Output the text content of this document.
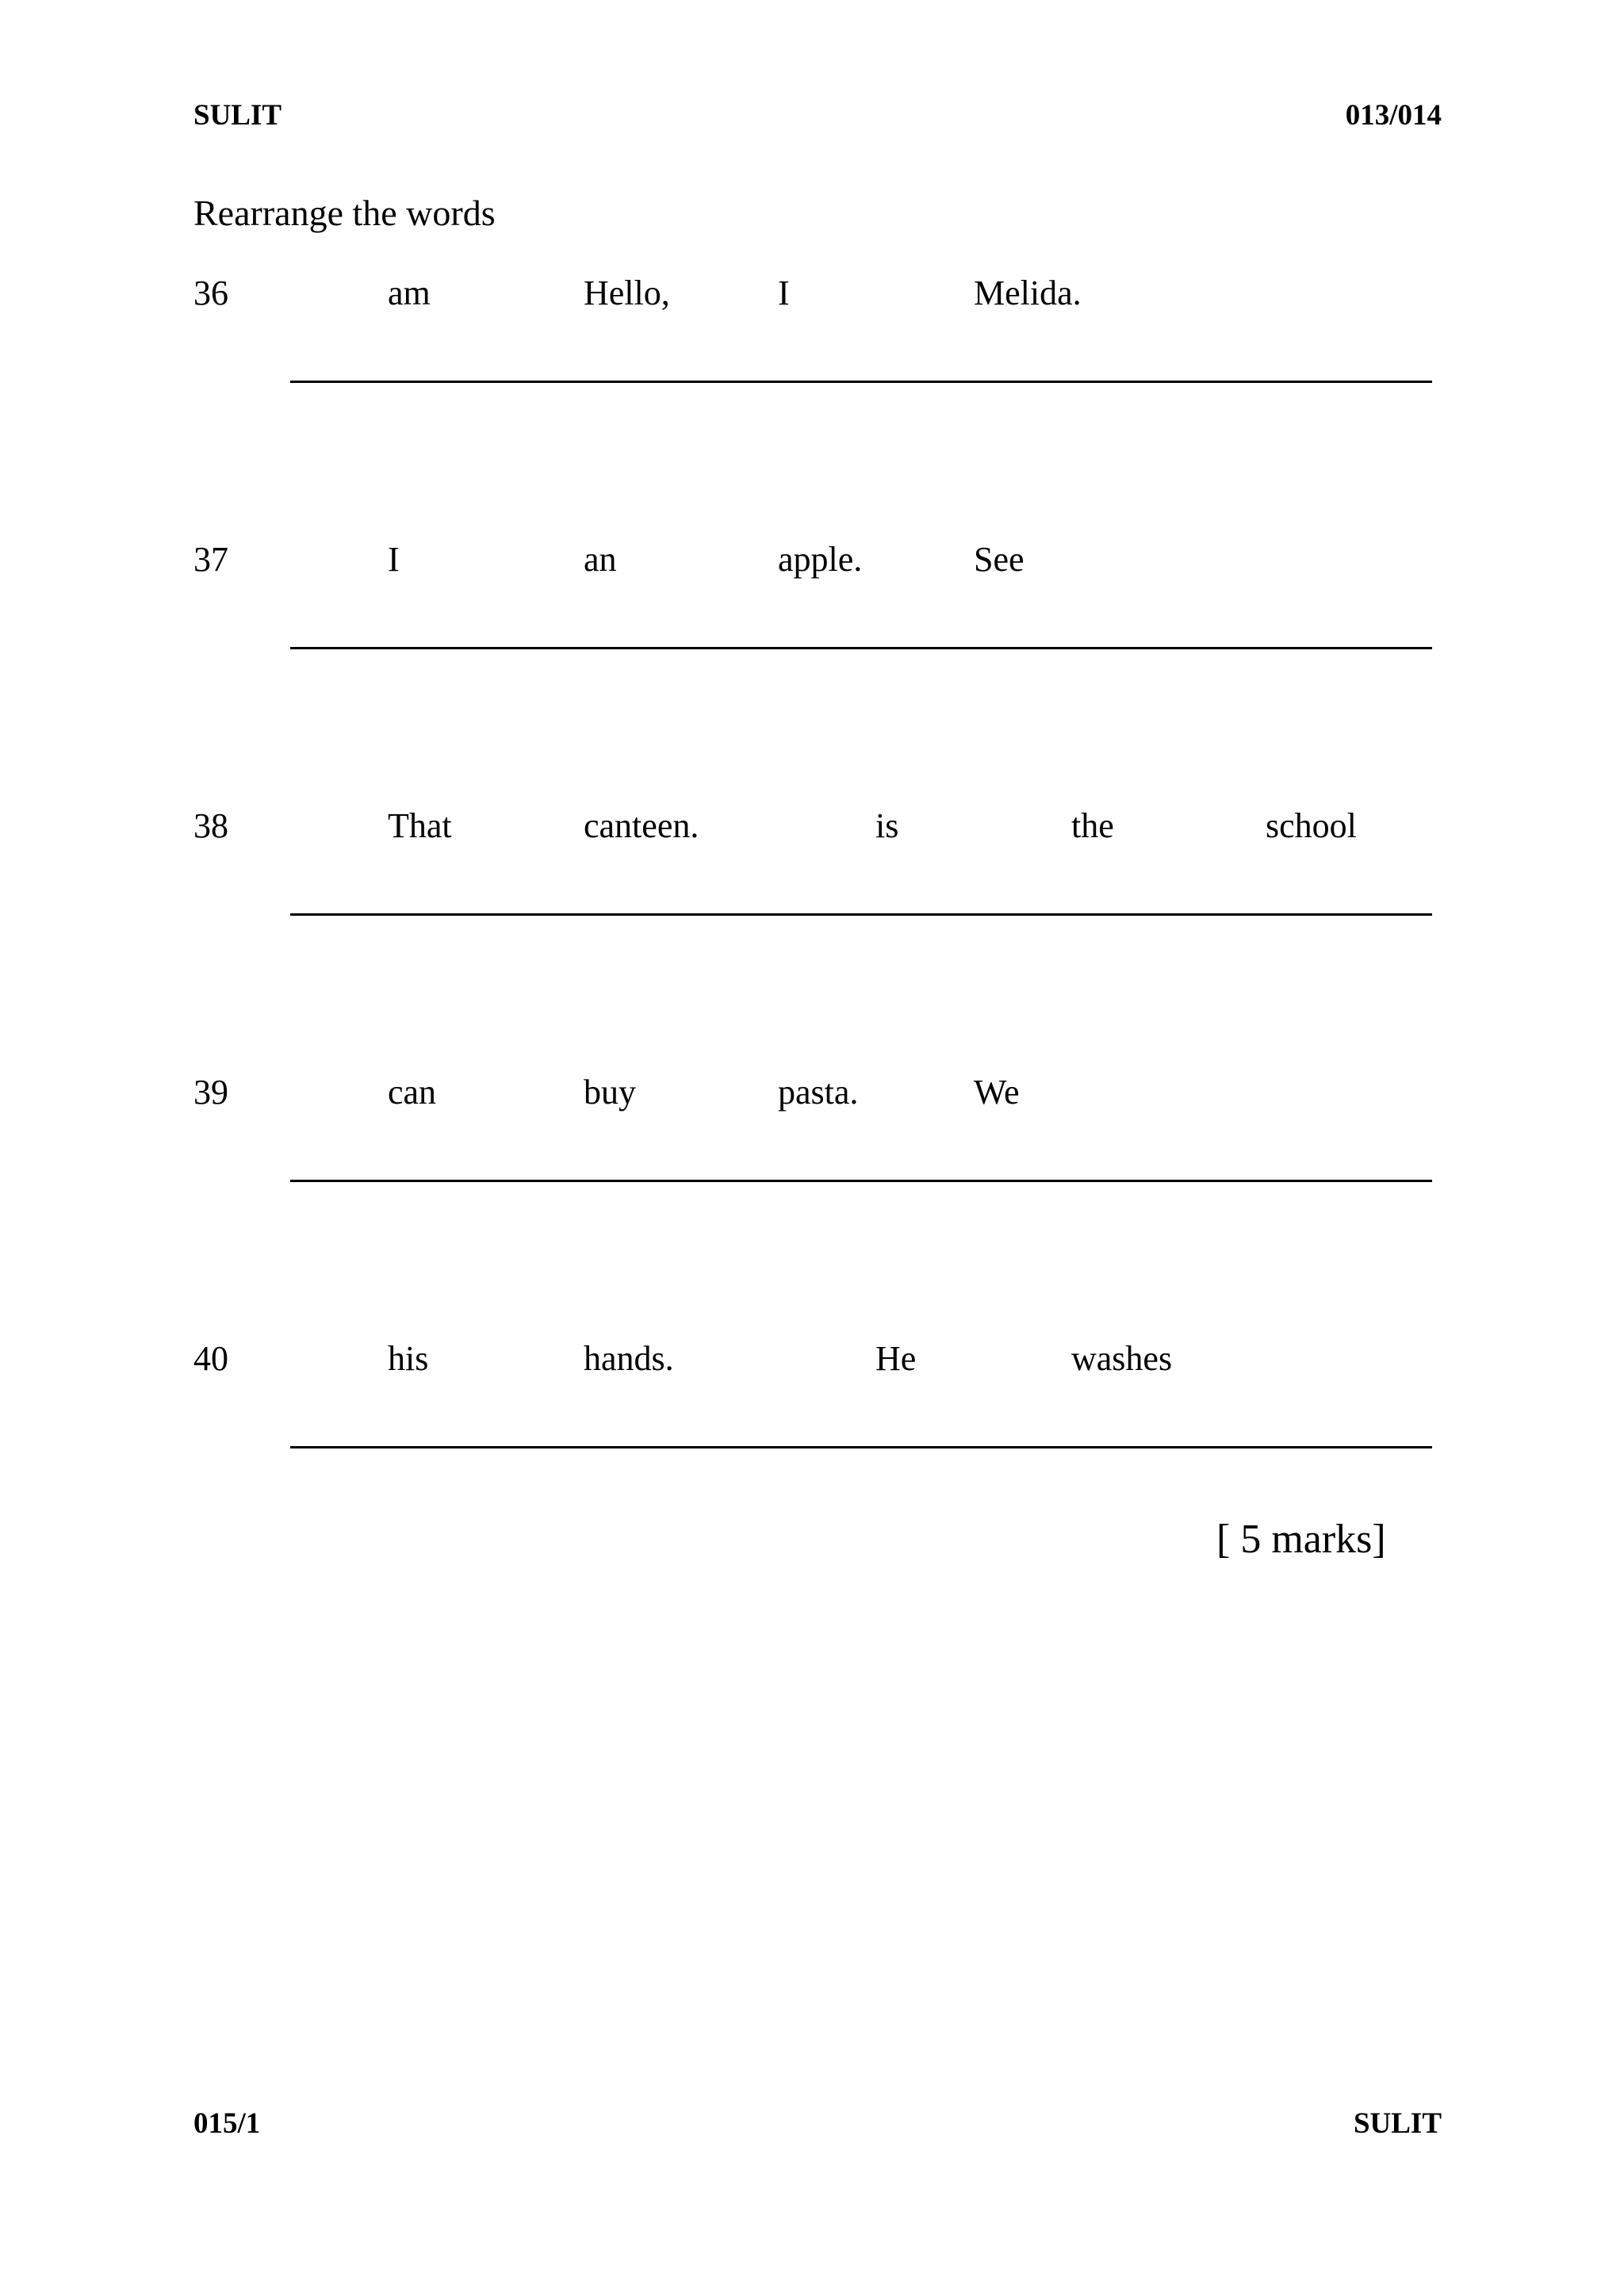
SULIT	013/014
Rearrange the words
36	am	Hello,	I	Melida.
37	I	an	apple.	See
38	That	canteen.	is	the	school
39	can	buy	pasta.	We
40	his	hands.	He	washes
[ 5 marks]
015/1	SULIT
